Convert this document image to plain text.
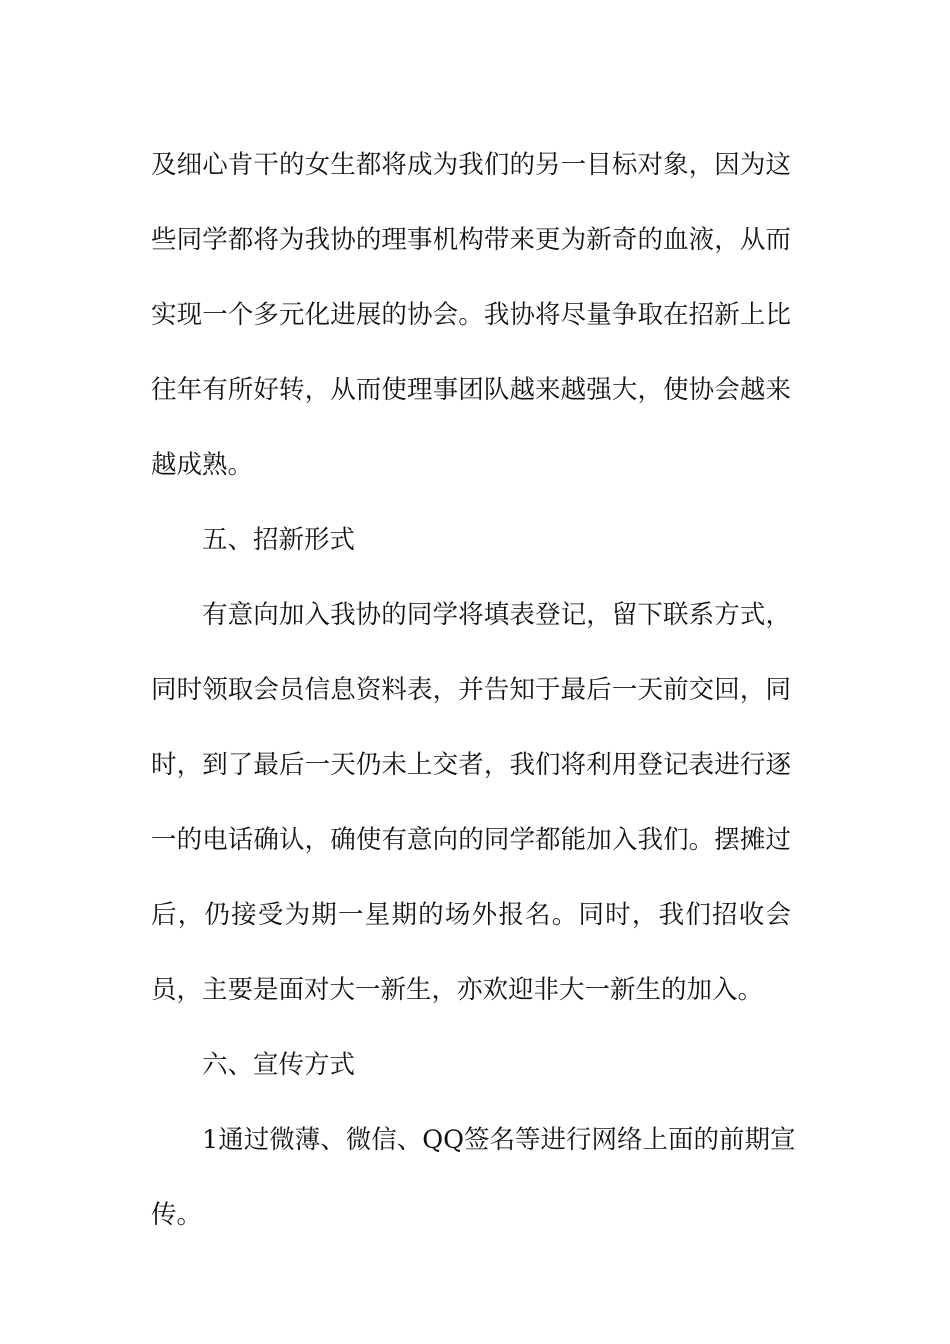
及细心肯干的女生都将成为我们的另一目标对象，因为这
些同学都将为我协的理事机构带来更为新奇的血液，从而
实现一个多元化进展的协会。我协将尽量争取在招新上比
往年有所好转，从而使理事团队越来越强大，使协会越来
越成熟。
五、招新形式
有意向加入我协的同学将填表登记，留下联系方式，
同时领取会员信息资料表，并告知于最后一天前交回，同
时，到了最后一天仍未上交者，我们将利用登记表进行逐
一的电话确认，确使有意向的同学都能加入我们。摆摊过
后，仍接受为期一星期的场外报名。同时，我们招收会
员，主要是面对大一新生，亦欢迎非大一新生的加入。
六、宣传方式
1通过微薄、微信、QQ签名等进行网络上面的前期宣
传。
